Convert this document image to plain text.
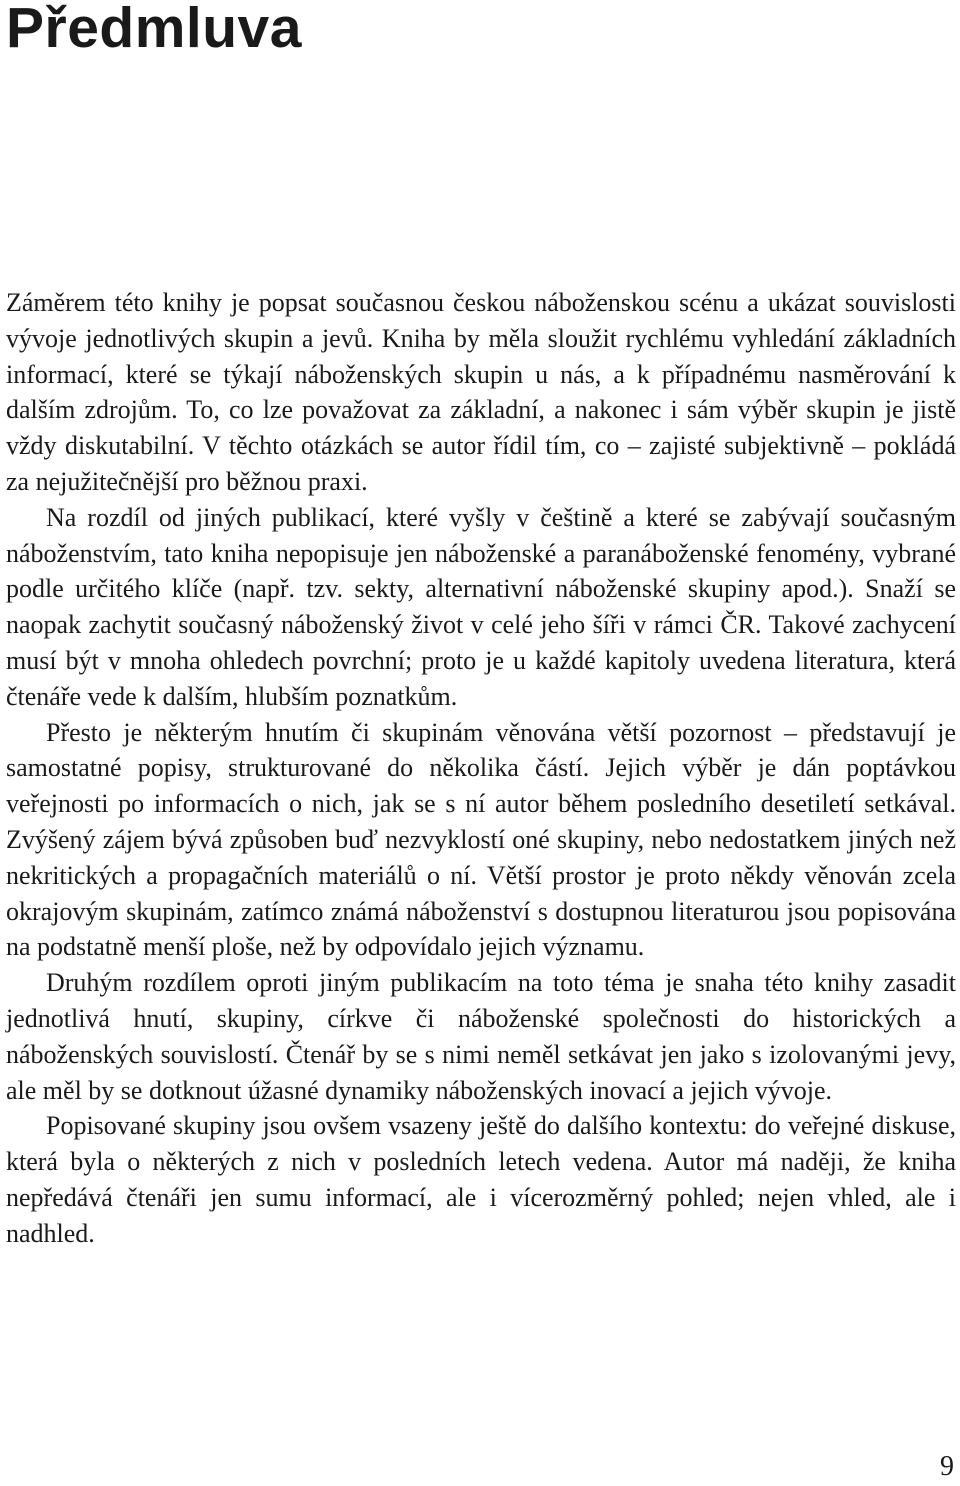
Předmluva

Záměrem této knihy je popsat současnou českou náboženskou scénu a ukázat souvislosti vývoje jednotlivých skupin a jevů. Kniha by měla sloužit rychlému vyhledání základních informací, které se týkají náboženských skupin u nás, a k případnému nasměrování k dalším zdrojům. To, co lze považovat za základní, a nakonec i sám výběr skupin je jistě vždy diskutabilní. V těchto otázkách se autor řídil tím, co – zajisté subjektivně – pokládá za nejužitečnější pro běžnou praxi.

Na rozdíl od jiných publikací, které vyšly v češtině a které se zabývají současným náboženstvím, tato kniha nepopisuje jen náboženské a paranáboženské fenomény, vybrané podle určitého klíče (např. tzv. sekty, alternativní náboženské skupiny apod.). Snaží se naopak zachytit současný náboženský život v celé jeho šíři v rámci ČR. Takové zachycení musí být v mnoha ohledech povrchní; proto je u každé kapitoly uvedena literatura, která čtenáře vede k dalším, hlubším poznatkům.

Přesto je některým hnutím či skupinám věnována větší pozornost – představují je samostatné popisy, strukturované do několika částí. Jejich výběr je dán poptávkou veřejnosti po informacích o nich, jak se s ní autor během posledního desetiletí setkával. Zvýšený zájem bývá způsoben buď nezvyklostí oné skupiny, nebo nedostatkem jiných než nekritických a propagačních materiálů o ní. Větší prostor je proto někdy věnován zcela okrajovým skupinám, zatímco známá náboženství s dostupnou literaturou jsou popisována na podstatně menší ploše, než by odpovídalo jejich významu.

Druhým rozdílem oproti jiným publikacím na toto téma je snaha této knihy zasadit jednotlivá hnutí, skupiny, církve či náboženské společnosti do historických a náboženských souvislostí. Čtenář by se s nimi neměl setkávat jen jako s izolovanými jevy, ale měl by se dotknout úžasné dynamiky náboženských inovací a jejich vývoje.

Popisované skupiny jsou ovšem vsazeny ještě do dalšího kontextu: do veřejné diskuse, která byla o některých z nich v posledních letech vedena. Autor má naději, že kniha nepředává čtenáři jen sumu informací, ale i vícerozměrný pohled; nejen vhled, ale i nadhled.

9
